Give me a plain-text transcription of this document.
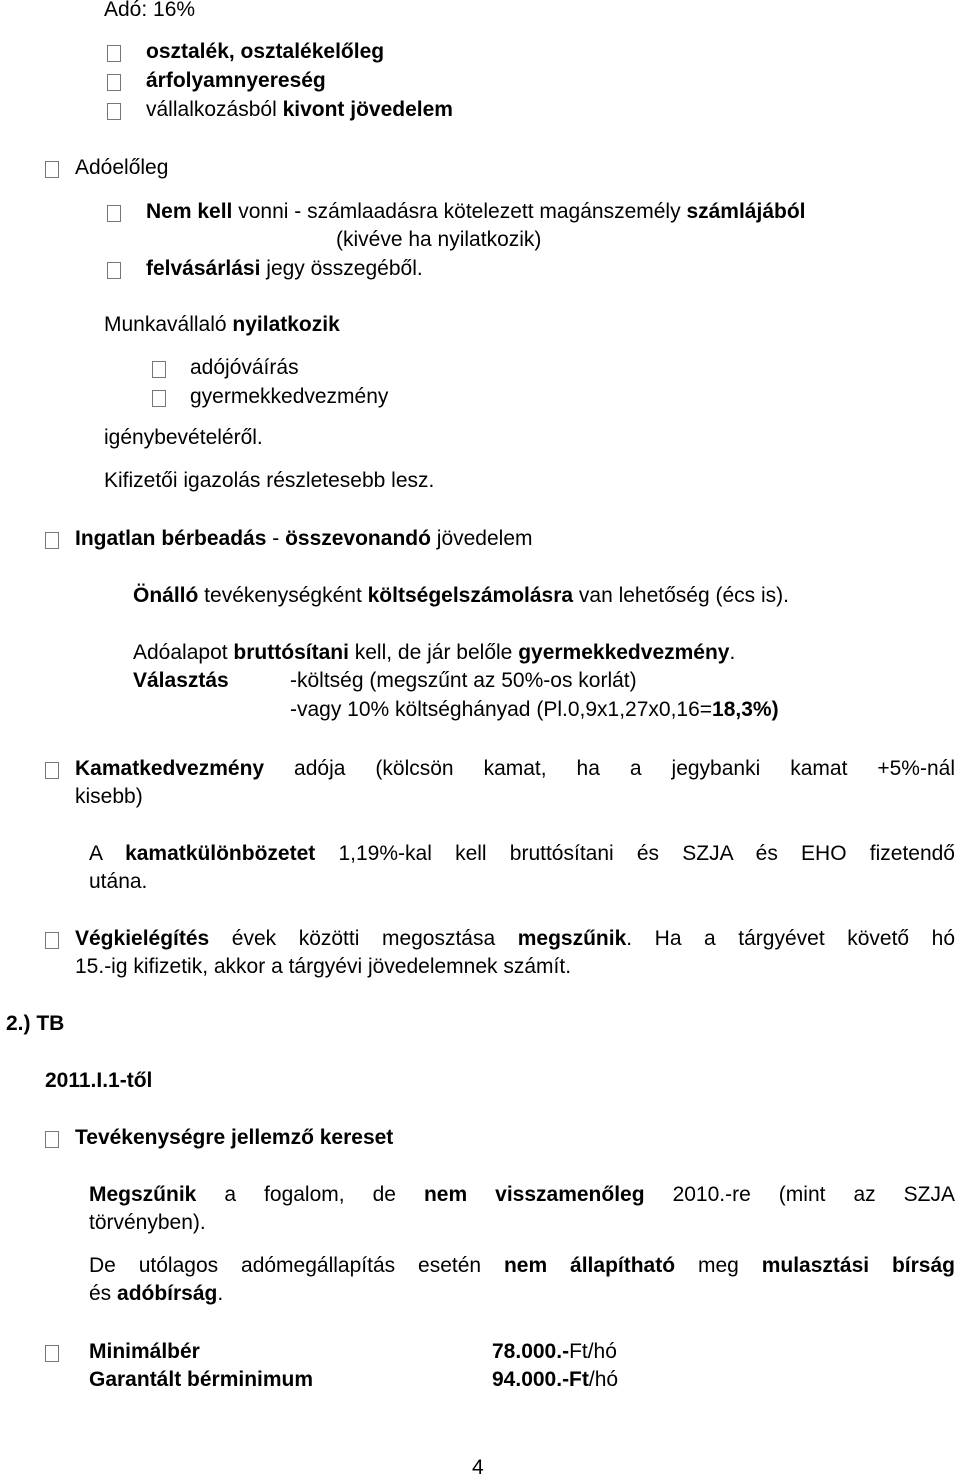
Adó: 16%
osztalék, osztalékelőleg
árfolyamnyereség
vállalkozásból kivont jövedelem
Adóelőleg
Nem kell vonni - számlaadásra kötelezett magánszemély számlájából
(kivéve ha nyilatkozik)
felvásárlási jegy összegéből.
Munkavállaló nyilatkozik
adójóváírás
gyermekkedvezmény
igénybevételéről.
Kifizetői igazolás részletesebb lesz.
Ingatlan bérbeadás - összevonandó jövedelem
Önálló tevékenységként költségelszámolásra van lehetőség (écs is).
Adóalapot bruttósítani kell, de jár belőle gyermekkedvezmény.
Választás	-költség (megszűnt az 50%-os korlát)
-vagy 10% költséghányad (Pl.0,9x1,27x0,16=18,3%)
Kamatkedvezmény adója (kölcsön kamat, ha a jegybanki kamat +5%-nál
kisebb)
A kamatkülönbözetet 1,19%-kal kell bruttósítani és SZJA és EHO fizetendő
utána.
Végkielégítés évek közötti megosztása megszűnik. Ha a tárgyévet követő hó
15.-ig kifizetik, akkor a tárgyévi jövedelemnek számít.
2.) TB
2011.I.1-től
Tevékenységre jellemző kereset
Megszűnik a fogalom, de nem visszamenőleg 2010.-re (mint az SZJA
törvényben).
De utólagos adómegállapítás esetén nem állapítható meg mulasztási bírság
és adóbírság.
Minimálbér	78.000.-Ft/hó
Garantált bérminimum	94.000.-Ft/hó
4
